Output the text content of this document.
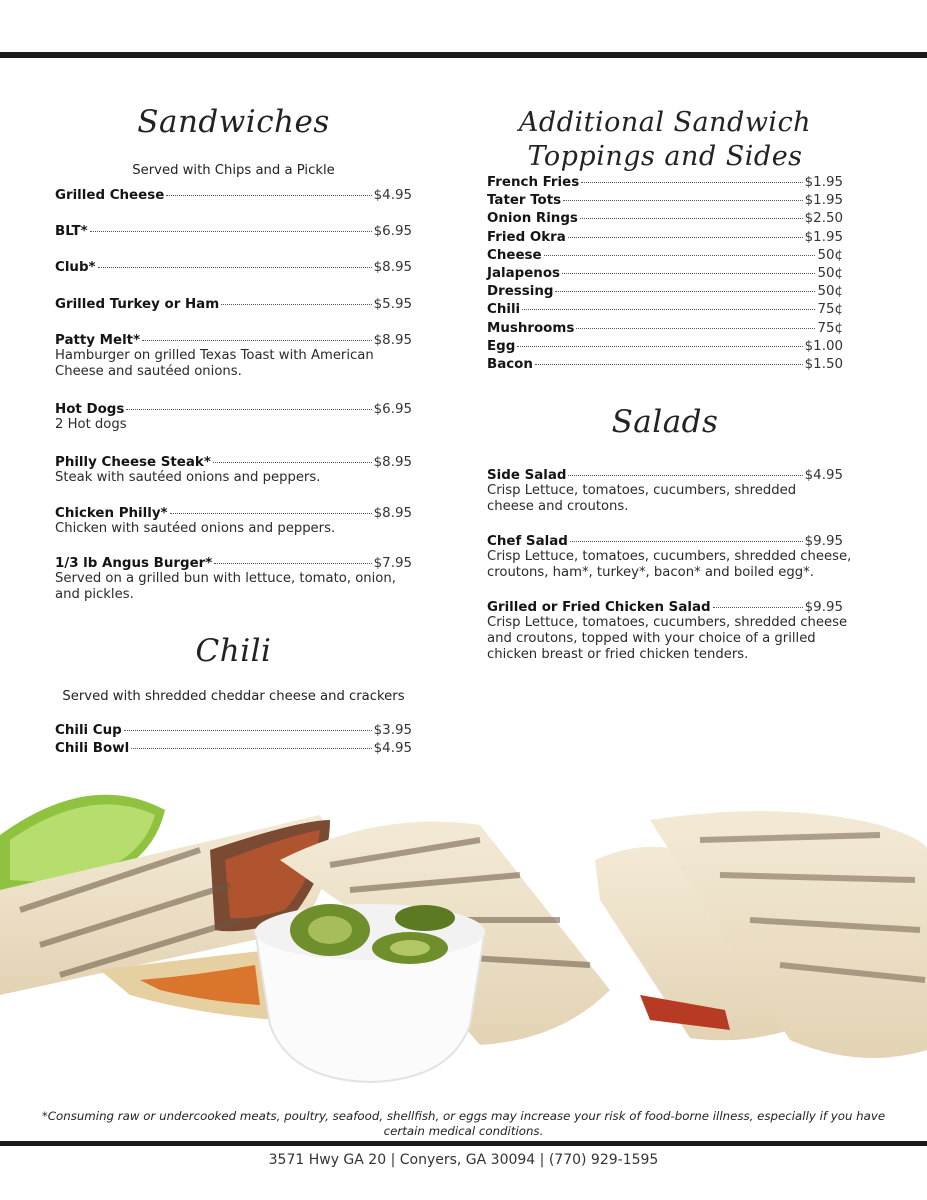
Sandwiches
Served with Chips and a Pickle
Grilled Cheese	$4.95
BLT*	$6.95
Club*	$8.95
Grilled Turkey or Ham	$5.95
Patty Melt*	$8.95
Hamburger on grilled Texas Toast with American Cheese and sautéed onions.
Hot Dogs	$6.95
2 Hot dogs
Philly Cheese Steak*	$8.95
Steak with sautéed onions and peppers.
Chicken Philly*	$8.95
Chicken with sautéed onions and peppers.
1/3 lb Angus Burger*	$7.95
Served on a grilled bun with lettuce, tomato, onion, and pickles.
Chili
Served with shredded cheddar cheese and crackers
Chili Cup	$3.95
Chili Bowl	$4.95
Additional Sandwich
Toppings and Sides
French Fries	$1.95
Tater Tots	$1.95
Onion Rings	$2.50
Fried Okra	$1.95
Cheese	50¢
Jalapenos	50¢
Dressing	50¢
Chili	75¢
Mushrooms	75¢
Egg	$1.00
Bacon	$1.50
Salads
Side Salad	$4.95
Crisp Lettuce, tomatoes, cucumbers, shredded cheese and croutons.
Chef Salad	$9.95
Crisp Lettuce, tomatoes, cucumbers, shredded cheese, croutons, ham*, turkey*, bacon* and boiled egg*.
Grilled or Fried Chicken Salad	$9.95
Crisp Lettuce, tomatoes, cucumbers, shredded cheese and croutons, topped with your choice of a grilled chicken breast or fried chicken tenders.
*Consuming raw or undercooked meats, poultry, seafood, shellfish, or eggs may increase your risk of food-borne illness, especially if you have certain medical conditions.
3571 Hwy GA 20 | Conyers, GA 30094 | (770) 929-1595
